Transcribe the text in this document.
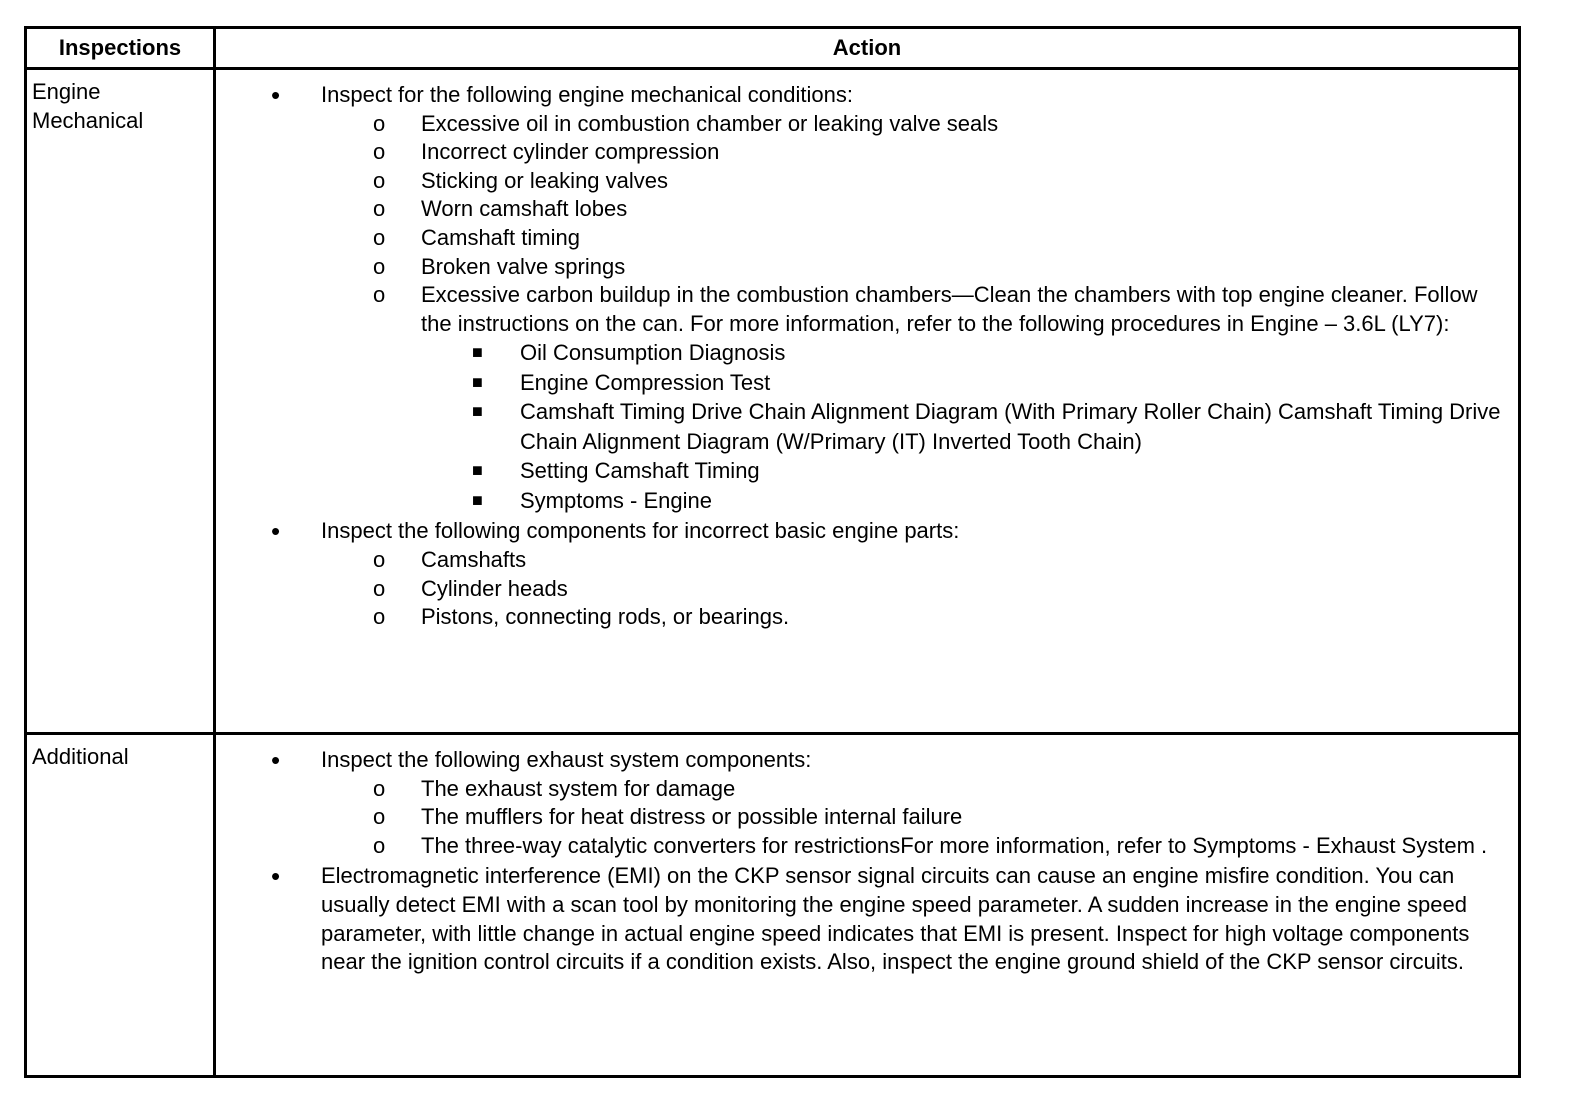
Inspections	Action
Engine Mechanical
• Inspect for the following engine mechanical conditions:
o Excessive oil in combustion chamber or leaking valve seals
o Incorrect cylinder compression
o Sticking or leaking valves
o Worn camshaft lobes
o Camshaft timing
o Broken valve springs
o Excessive carbon buildup in the combustion chambers—Clean the chambers with top engine cleaner. Follow the instructions on the can. For more information, refer to the following procedures in Engine – 3.6L (LY7):
■ Oil Consumption Diagnosis
■ Engine Compression Test
■ Camshaft Timing Drive Chain Alignment Diagram (With Primary Roller Chain) Camshaft Timing Drive Chain Alignment Diagram (W/Primary (IT) Inverted Tooth Chain)
■ Setting Camshaft Timing
■ Symptoms - Engine
• Inspect the following components for incorrect basic engine parts:
o Camshafts
o Cylinder heads
o Pistons, connecting rods, or bearings.
Additional	• Inspect the following exhaust system components:
o The exhaust system for damage
o The mufflers for heat distress or possible internal failure
o The three-way catalytic converters for restrictionsFor more information, refer to Symptoms - Exhaust System .
• Electromagnetic interference (EMI) on the CKP sensor signal circuits can cause an engine misfire condition. You can usually detect EMI with a scan tool by monitoring the engine speed parameter. A sudden increase in the engine speed parameter, with little change in actual engine speed indicates that EMI is present. Inspect for high voltage components near the ignition control circuits if a condition exists. Also, inspect the engine ground shield of the CKP sensor circuits.
